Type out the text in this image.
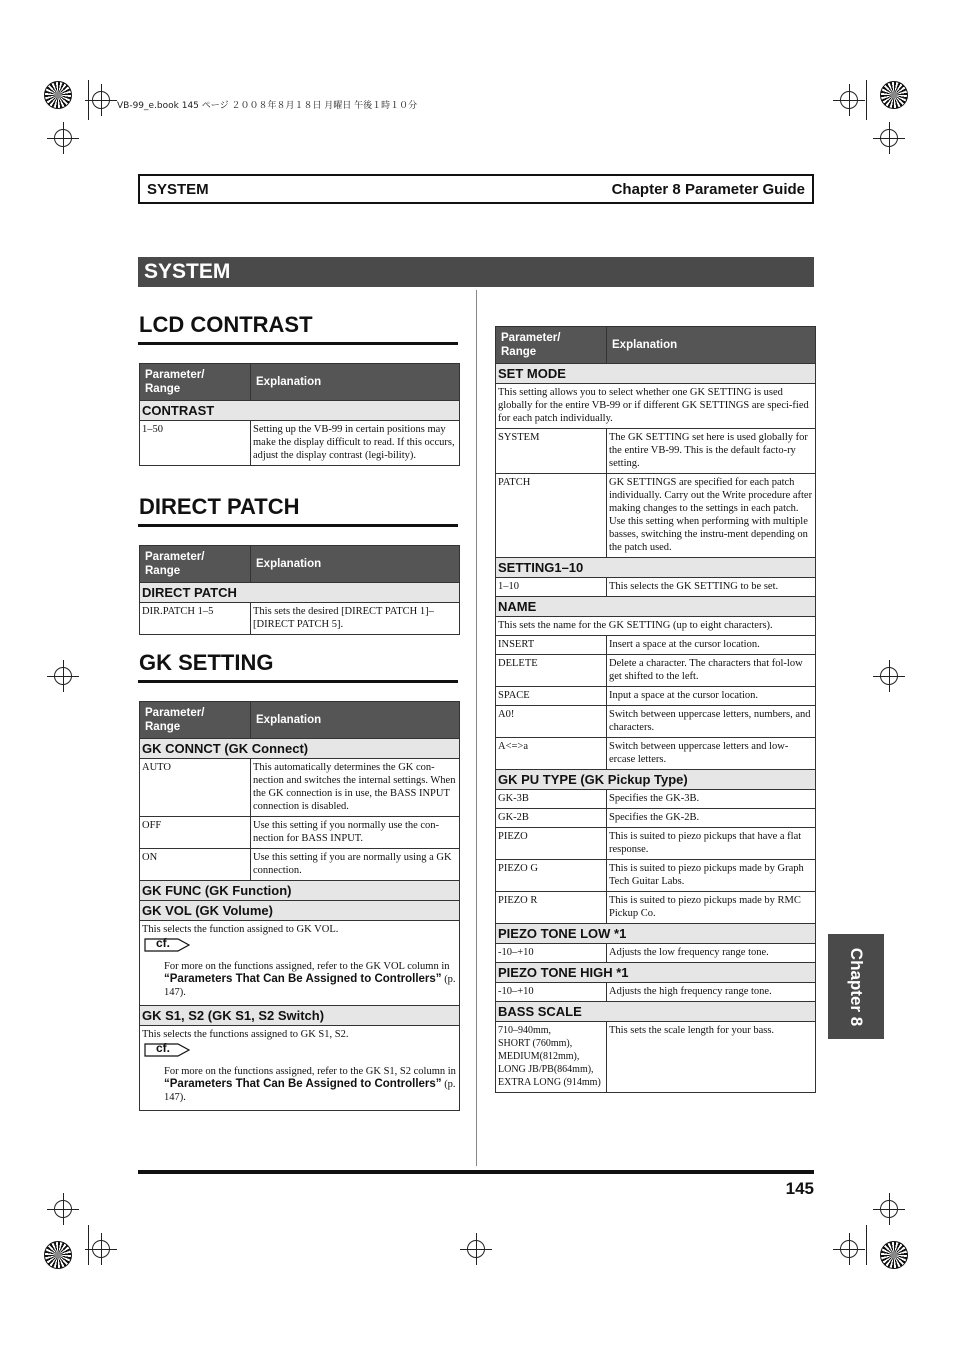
VB-99_e.book 145 ページ ２００８年８月１８日 月曜日 午後１時１０分
SYSTEM	Chapter 8 Parameter Guide
SYSTEM
LCD CONTRAST
Parameter/
Range	Explanation
CONTRAST	
1–50	Setting up the VB-99 in certain positions may make the display difficult to read. If this occurs, adjust the display contrast (legi-bility).
DIRECT PATCH
Parameter/
Range	Explanation
DIRECT PATCH	
DIR.PATCH 1–5	This sets the desired [DIRECT PATCH 1]–[DIRECT PATCH 5].
GK SETTING
Parameter/
Range	Explanation
GK CONNCT (GK Connect)	
AUTO	This automatically determines the GK con-nection and switches the internal settings. When the GK connection is in use, the BASS INPUT connection is disabled.
OFF	Use this setting if you normally use the con-nection for BASS INPUT.
ON	Use this setting if you are normally using a GK connection.
GK FUNC (GK Function)	
GK VOL (GK Volume)	

This selects the function assigned to GK VOL.
cf.
For more on the functions assigned, refer to the GK VOL column in “Parameters That Can Be Assigned to Controllers” (p. 147).	

GK S1, S2 (GK S1, S2 Switch)	

This selects the functions assigned to GK S1, S2.
cf.
For more on the functions assigned, refer to the GK S1, S2 column in “Parameters That Can Be Assigned to Controllers” (p. 147).	
Parameter/
Range	Explanation
SET MODE	
This setting allows you to select whether one GK SETTING is used globally for the entire VB-99 or if different GK SETTINGS are speci-fied for each patch individually.	
SYSTEM	The GK SETTING set here is used globally for the entire VB-99. This is the default facto-ry setting.
PATCH	GK SETTINGS are specified for each patch individually. Carry out the Write procedure after making changes to the settings in each patch. Use this setting when performing with multiple basses, switching the instru-ment depending on the patch used.
SETTING1–10	
1–10	This selects the GK SETTING to be set.
NAME	
This sets the name for the GK SETTING (up to eight characters).	
INSERT	Insert a space at the cursor location.
DELETE	Delete a character. The characters that fol-low get shifted to the left.
SPACE	Input a space at the cursor location.
A0!	Switch between uppercase letters, numbers, and characters.
A<=>a	Switch between uppercase letters and low-ercase letters.
GK PU TYPE (GK Pickup Type)	
GK-3B	Specifies the GK-3B.
GK-2B	Specifies the GK-2B.
PIEZO	This is suited to piezo pickups that have a flat response.
PIEZO G	This is suited to piezo pickups made by Graph Tech Guitar Labs.
PIEZO R	This is suited to piezo pickups made by RMC Pickup Co.
PIEZO TONE LOW *1	
-10–+10	Adjusts the low frequency range tone.
PIEZO TONE HIGH *1	
-10–+10	Adjusts the high frequency range tone.
BASS SCALE	
710–940mm,
SHORT (760mm),
MEDIUM(812mm),
LONG JB/PB(864mm),
EXTRA LONG (914mm)	This sets the scale length for your bass.
Chapter 8
145
